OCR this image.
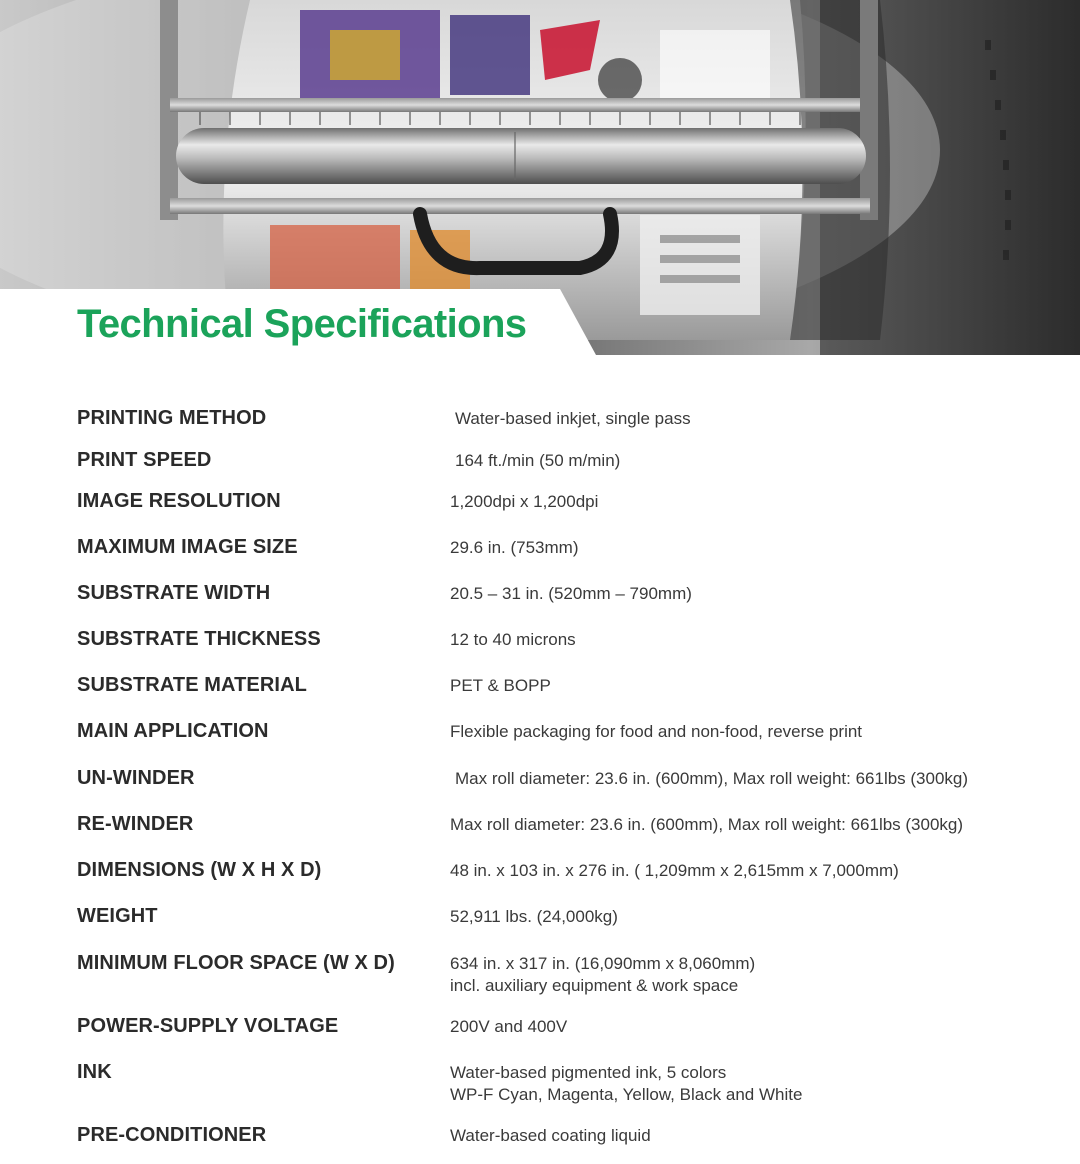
Technical Specifications
PRINTING METHOD	Water-based inkjet, single pass
PRINT SPEED	164 ft./min (50 m/min)
IMAGE RESOLUTION	1,200dpi x 1,200dpi
MAXIMUM IMAGE SIZE	29.6 in. (753mm)
SUBSTRATE WIDTH	20.5 – 31 in. (520mm – 790mm)
SUBSTRATE THICKNESS	12 to 40 microns
SUBSTRATE MATERIAL	PET & BOPP
MAIN APPLICATION	Flexible packaging for food and non-food, reverse print
UN-WINDER	Max roll diameter: 23.6 in. (600mm), Max roll weight: 661lbs (300kg)
RE-WINDER	Max roll diameter: 23.6 in. (600mm), Max roll weight: 661lbs (300kg)
DIMENSIONS (W X H X D)	48 in. x 103 in. x 276 in. ( 1,209mm x 2,615mm x 7,000mm)
WEIGHT	52,911 lbs. (24,000kg)
MINIMUM FLOOR SPACE (W X D)	634 in. x 317 in. (16,090mm x 8,060mm)
incl. auxiliary equipment & work space
POWER-SUPPLY VOLTAGE	200V and 400V
INK	Water-based pigmented ink, 5 colors
WP-F Cyan, Magenta, Yellow, Black and White
PRE-CONDITIONER	Water-based coating liquid
